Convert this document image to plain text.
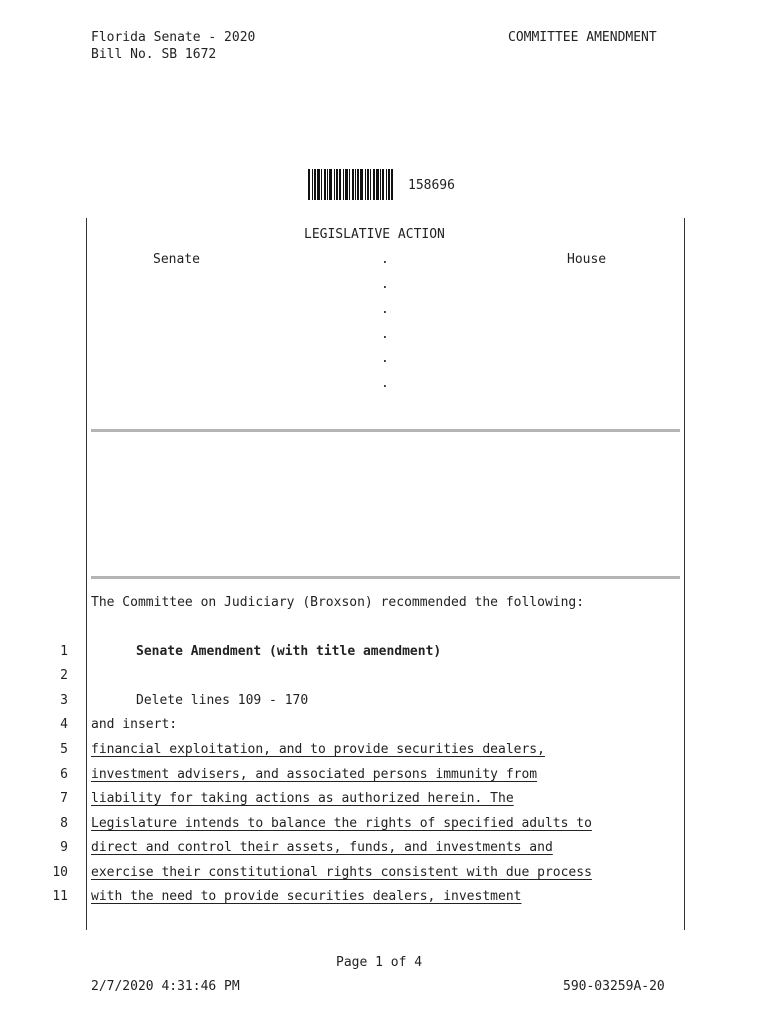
Florida Senate - 2020
Bill No. SB 1672
COMMITTEE AMENDMENT
158696
LEGISLATIVE ACTION
Senate	House
.
.
.
.
.
.
The Committee on Judiciary (Broxson) recommended the following:
1	Senate Amendment (with title amendment)
2
3	Delete lines 109 - 170
4 and insert:
5 financial exploitation, and to provide securities dealers,
6 investment advisers, and associated persons immunity from
7 liability for taking actions as authorized herein. The
8 Legislature intends to balance the rights of specified adults to
9 direct and control their assets, funds, and investments and
10 exercise their constitutional rights consistent with due process
11 with the need to provide securities dealers, investment
Page 1 of 4
2/7/2020 4:31:46 PM	590-03259A-20
